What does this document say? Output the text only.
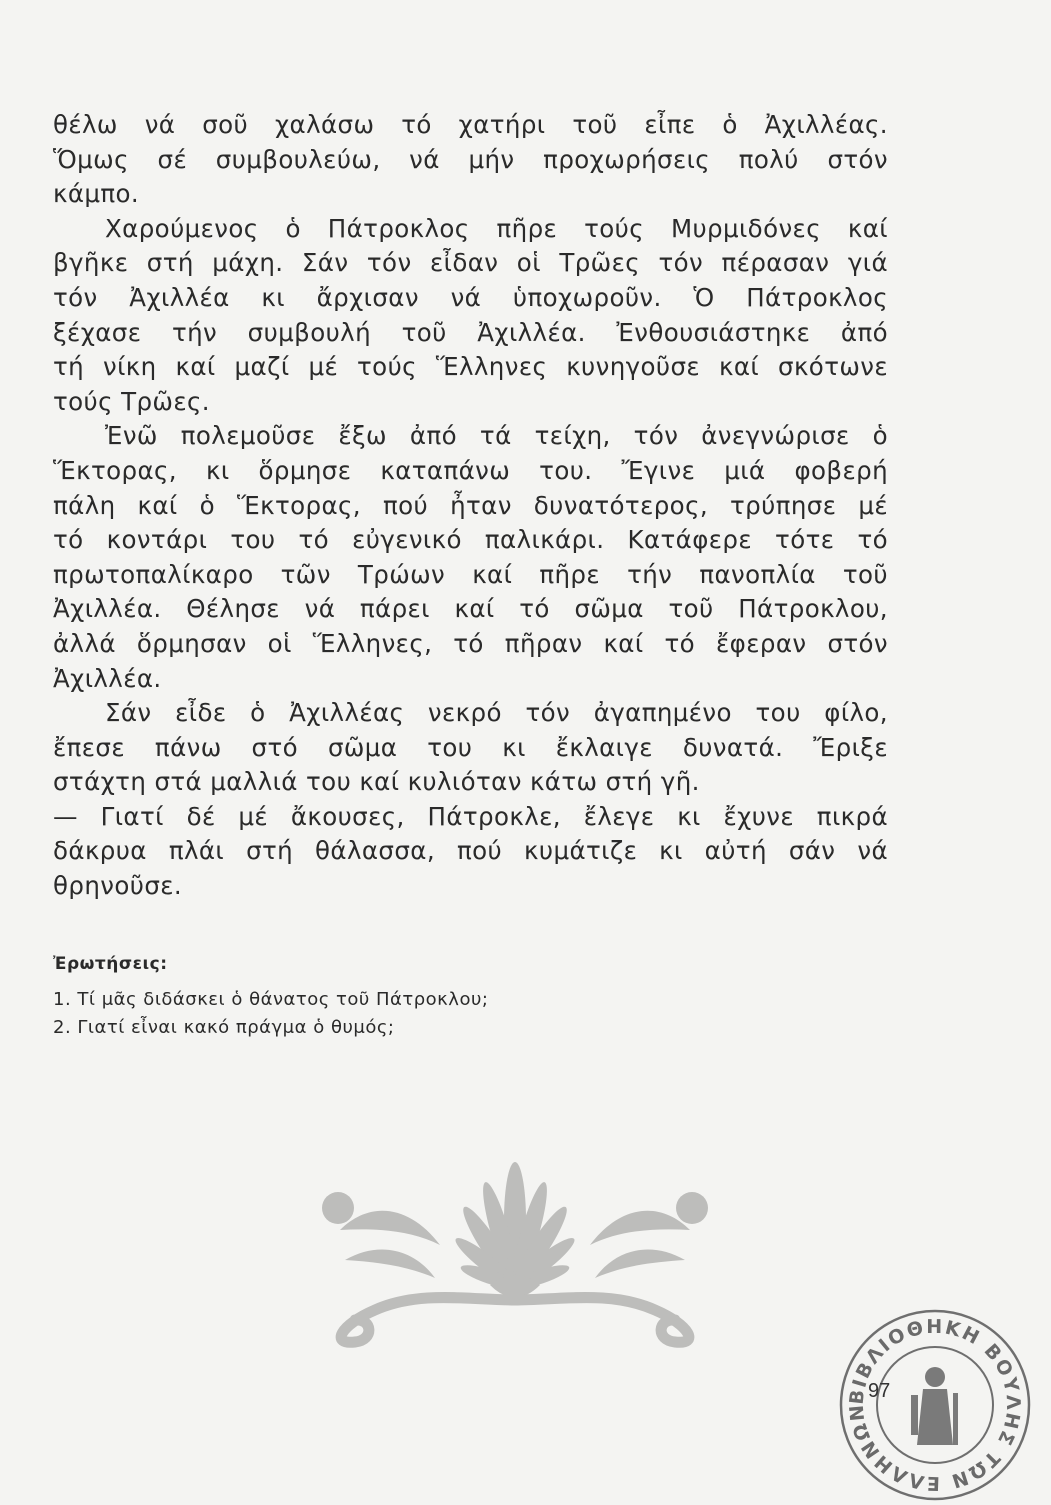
θέλω νά σοῦ χαλάσω τό χατήρι τοῦ εἶπε ὁ Ἀχιλλέας.
Ὅμως σέ συμβουλεύω, νά μήν προχωρήσεις πολύ στόν
κάμπο.
Χαρούμενος ὁ Πάτροκλος πῆρε τούς Μυρμιδόνες καί
βγῆκε στή μάχη. Σάν τόν εἶδαν οἱ Τρῶες τόν πέρασαν γιά
τόν Ἀχιλλέα κι ἄρχισαν νά ὑποχωροῦν. Ὁ Πάτροκλος
ξέχασε τήν συμβουλή τοῦ Ἀχιλλέα. Ἐνθουσιάστηκε ἀπό
τή νίκη καί μαζί μέ τούς Ἕλληνες κυνηγοῦσε καί σκότωνε
τούς Τρῶες.
Ἐνῶ πολεμοῦσε ἔξω ἀπό τά τείχη, τόν ἀνεγνώρισε ὁ
Ἕκτορας, κι ὅρμησε καταπάνω του. Ἔγινε μιά φοβερή
πάλη καί ὁ Ἕκτορας, πού ἦταν δυνατότερος, τρύπησε μέ
τό κοντάρι του τό εὐγενικό παλικάρι. Κατάφερε τότε τό
πρωτοπαλίκαρο τῶν Τρώων καί πῆρε τήν πανοπλία τοῦ
Ἀχιλλέα. Θέλησε νά πάρει καί τό σῶμα τοῦ Πάτροκλου,
ἀλλά ὅρμησαν οἱ Ἕλληνες, τό πῆραν καί τό ἔφεραν στόν
Ἀχιλλέα.
Σάν εἶδε ὁ Ἀχιλλέας νεκρό τόν ἀγαπημένο του φίλο,
ἔπεσε πάνω στό σῶμα του κι ἔκλαιγε δυνατά. Ἔριξε
στάχτη στά μαλλιά του καί κυλιόταν κάτω στή γῆ.
— Γιατί δέ μέ ἄκουσες, Πάτροκλε, ἔλεγε κι ἔχυνε πικρά
δάκρυα πλάι στή θάλασσα, πού κυμάτιζε κι αὐτή σάν νά
θρηνοῦσε.
Ἐρωτήσεις:
1. Τί μᾶς διδάσκει ὁ θάνατος τοῦ Πάτροκλου;
2. Γιατί εἶναι κακό πράγμα ὁ θυμός;
ΒΙΒΛΙΟΘΗΚΗ ΒΟΥΛΗΣ ΤΩΝ ΕΛΛΗΝΩΝ
97
